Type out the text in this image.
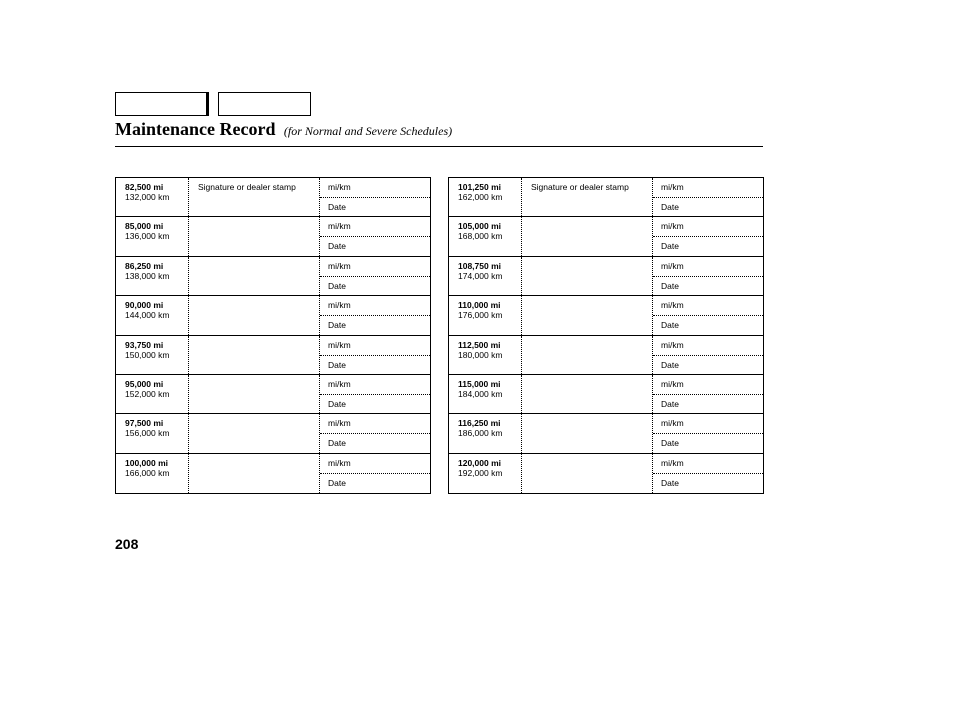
Maintenance Record (for Normal and Severe Schedules)
82,500 mi
132,000 km
Signature or dealer stamp	mi/km
Date
85,000 mi
136,000 km
mi/km
Date
86,250 mi
138,000 km
mi/km
Date
90,000 mi
144,000 km
mi/km
Date
93,750 mi
150,000 km
mi/km
Date
95,000 mi
152,000 km
mi/km
Date
97,500 mi
156,000 km
mi/km
Date
100,000 mi
166,000 km
mi/km
Date
101,250 mi
162,000 km
Signature or dealer stamp	mi/km
Date
105,000 mi
168,000 km
mi/km
Date
108,750 mi
174,000 km
mi/km
Date
110,000 mi
176,000 km
mi/km
Date
112,500 mi
180,000 km
mi/km
Date
115,000 mi
184,000 km
mi/km
Date
116,250 mi
186,000 km
mi/km
Date
120,000 mi
192,000 km
mi/km
Date
208
